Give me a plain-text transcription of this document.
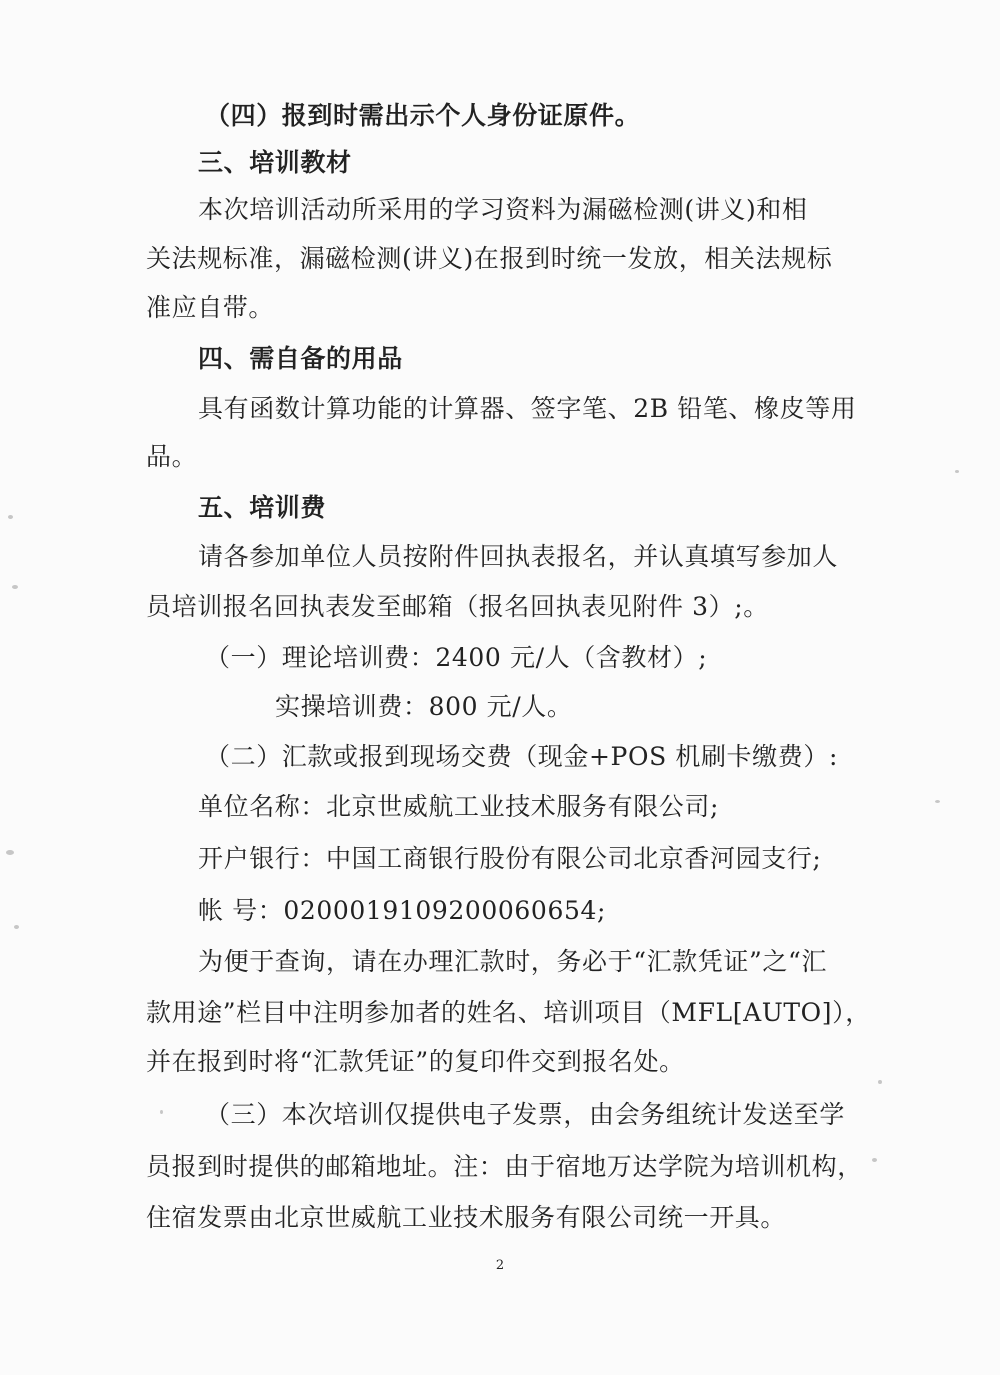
（四）报到时需出示个人身份证原件。

三、培训教材

本次培训活动所采用的学习资料为漏磁检测(讲义)和相

关法规标准，漏磁检测(讲义)在报到时统一发放，相关法规标

准应自带。

四、需自备的用品

具有函数计算功能的计算器、签字笔、2B 铅笔、橡皮等用

品。

五、培训费

请各参加单位人员按附件回执表报名，并认真填写参加人

员培训报名回执表发至邮箱（报名回执表见附件 3）;。

（一）理论培训费：2400 元/人（含教材）;

实操培训费：800 元/人。

（二）汇款或报到现场交费（现金+POS 机刷卡缴费）:

单位名称：北京世威航工业技术服务有限公司;

开户银行：中国工商银行股份有限公司北京香河园支行;

帐 号：0200019109200060654;

为便于查询，请在办理汇款时，务必于“汇款凭证”之“汇

款用途”栏目中注明参加者的姓名、培训项目（MFL[AUTO]），

并在报到时将“汇款凭证”的复印件交到报名处。

（三）本次培训仅提供电子发票，由会务组统计发送至学

员报到时提供的邮箱地址。注：由于宿地万达学院为培训机构，

住宿发票由北京世威航工业技术服务有限公司统一开具。

2
